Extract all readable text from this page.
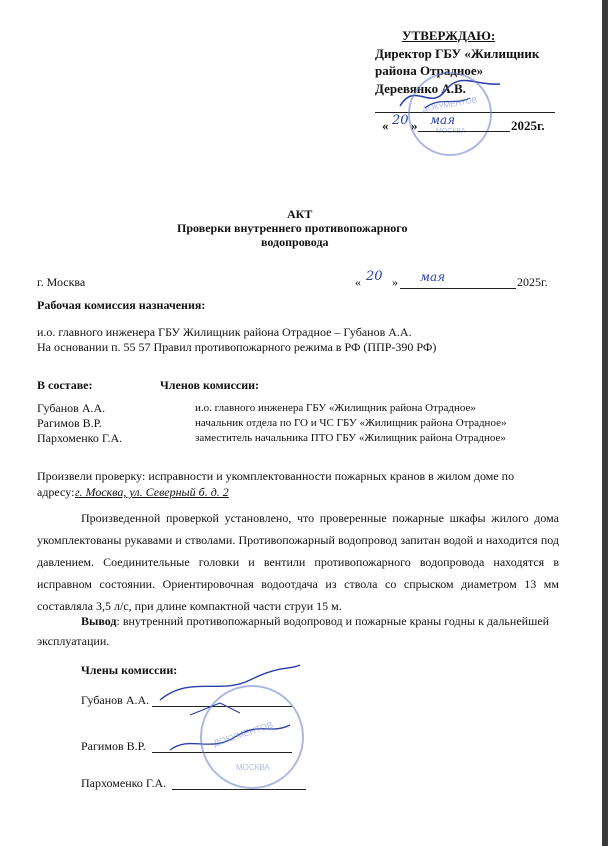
УТВЕРЖДАЮ:
Директор ГБУ «Жилищник
района Отрадное»
Деревянко А.В.
ДОКУМЕНТОВ
МОСКВА
« 20 » мая	2025г.
АКТ
Проверки внутреннего противопожарного
водопровода
г. Москва	« 20 » мая	2025г.
Рабочая комиссия назначения:
и.о. главного инженера ГБУ Жилищник района Отрадное – Губанов А.А.
На основании п. 55 57 Правил противопожарного режима в РФ (ППР-390 РФ)
В составе:	Членов комиссии:
Губанов А.А.	и.о. главного инженера ГБУ «Жилищник района Отрадное»
Рагимов В.Р.	начальник отдела по ГО и ЧС ГБУ «Жилищник района Отрадное»
Пархоменко Г.А.	заместитель начальника ПТО ГБУ «Жилищник района Отрадное»
Произвели проверку: исправности и укомплектованности пожарных кранов в жилом доме по
адресу: г. Москва, ул. Северный б. д. 2
Произведенной проверкой установлено, что проверенные пожарные шкафы жилого дома укомплектованы рукавами и стволами. Противопожарный водопровод запитан водой и находится под давлением. Соединительные головки и вентили противопожарного водопровода находятся в исправном состоянии. Ориентировочная водоотдача из ствола со спрыском диаметром 13 мм составляла 3,5 л/с, при длине компактной части струи 15 м.
Вывод: внутренний противопожарный водопровод и пожарные краны годны к дальнейшей эксплуатации.
Члены комиссии:
Губанов А.А.
Рагимов В.Р.
Пархоменко Г.А.
ДОКУМЕНТОВ
МОСКВА
